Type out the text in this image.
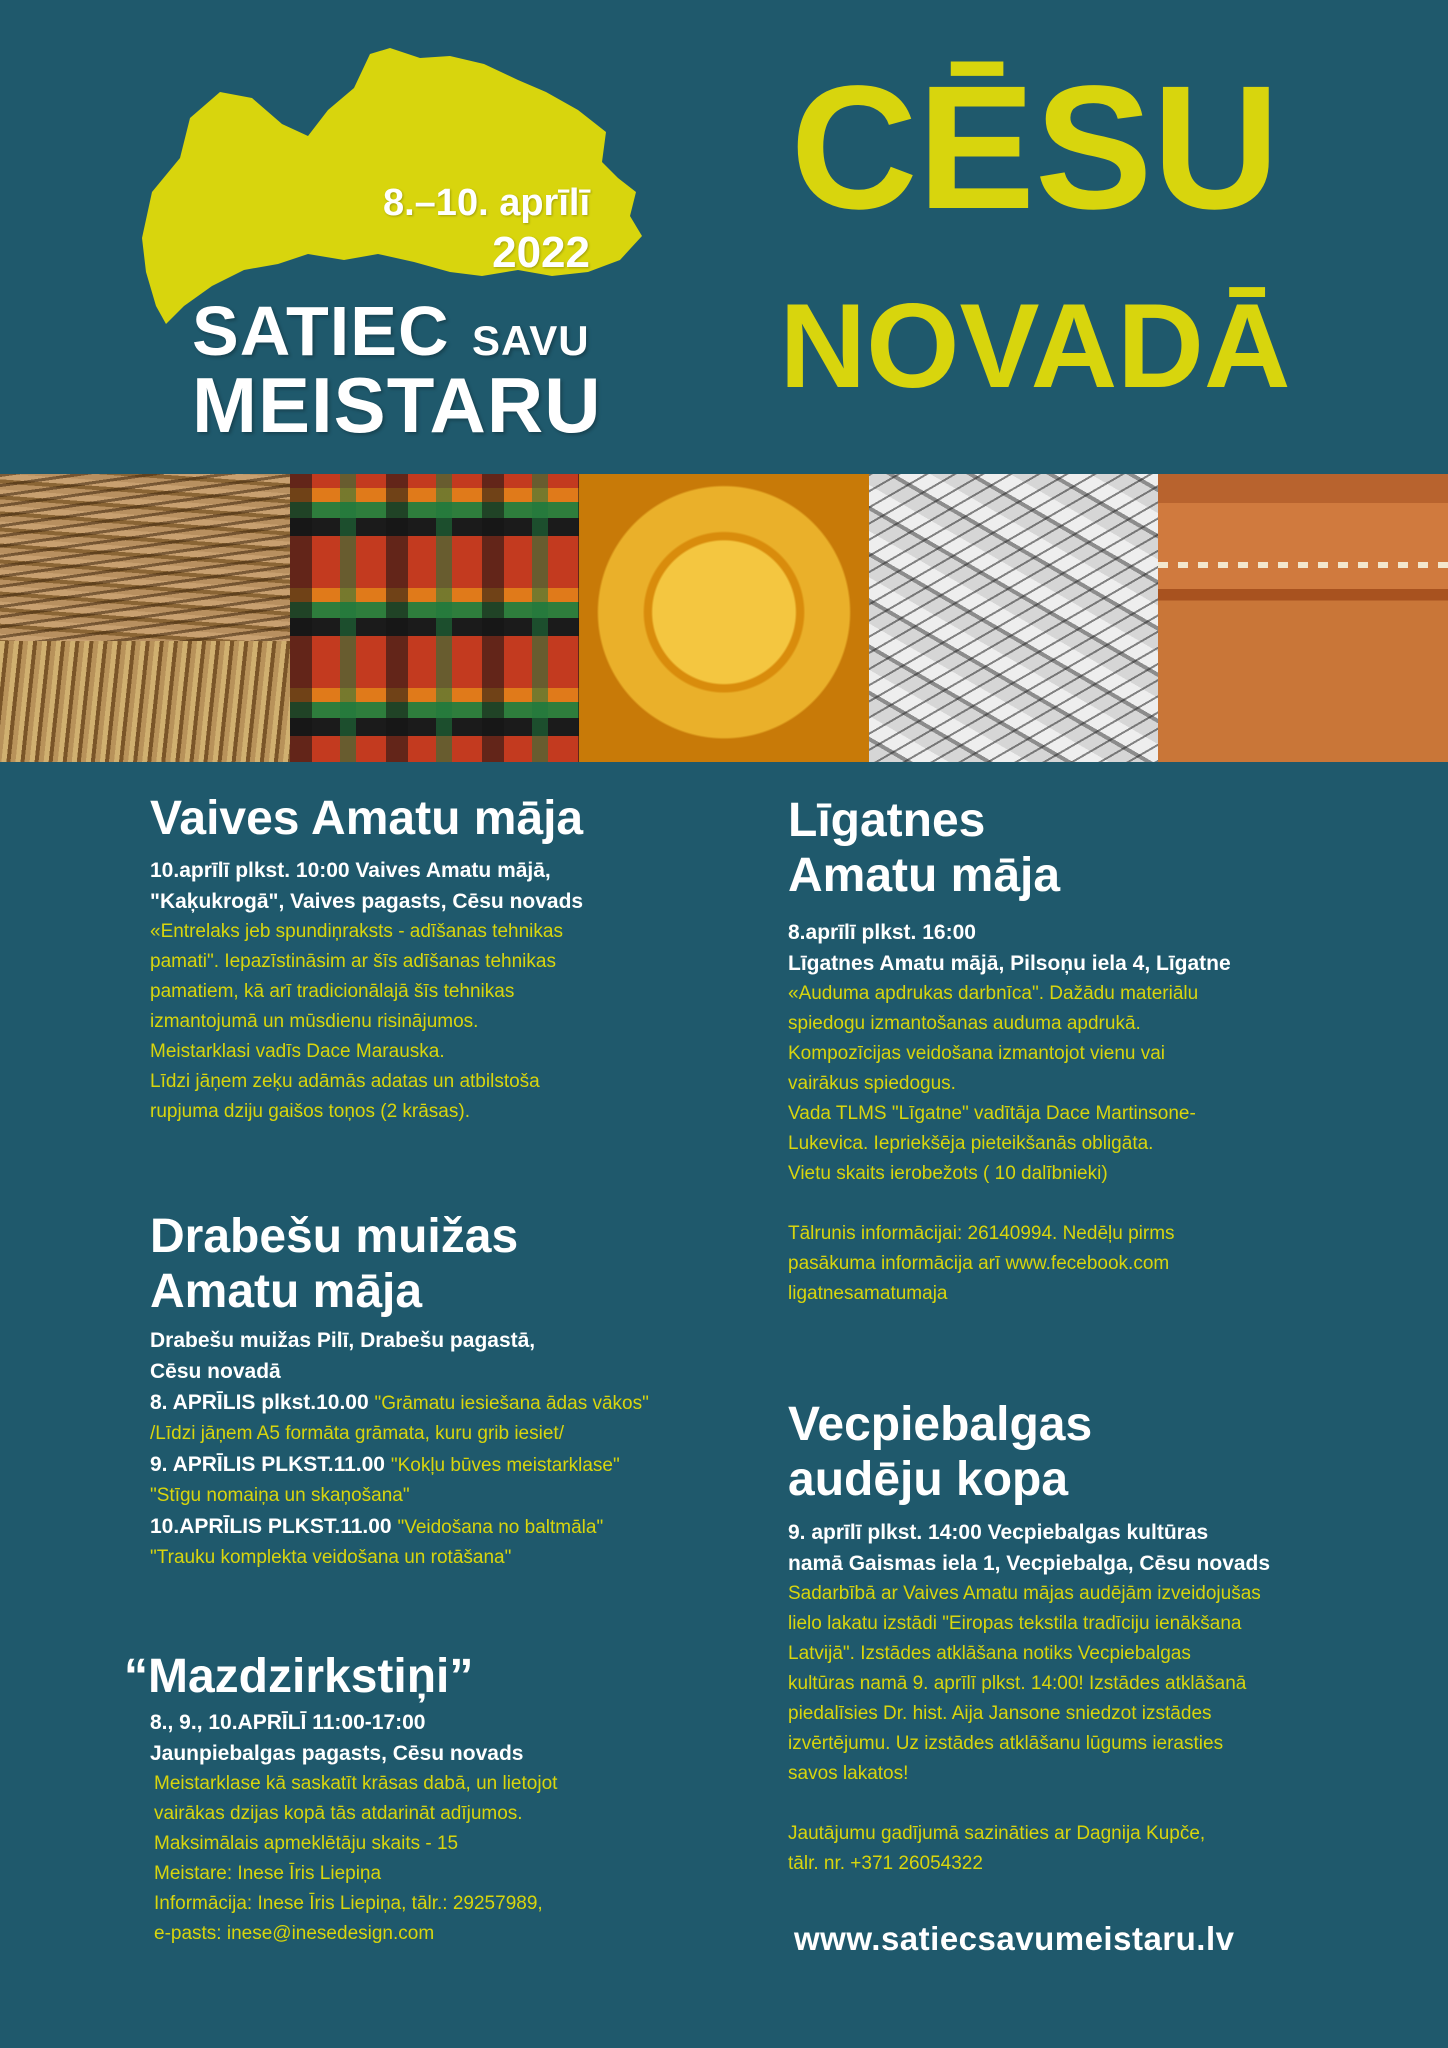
8.–10. aprīlī
2022
SATIEC SAVU
MEISTARU
CĒSU
NOVADĀ
Vaives Amatu māja
10.aprīlī plkst. 10:00 Vaives Amatu mājā,
"Kaķukrogā", Vaives pagasts, Cēsu novads
«Entrelaks jeb spundiņraksts - adīšanas tehnikas
pamati". Iepazīstināsim ar šīs adīšanas tehnikas
pamatiem, kā arī tradicionālajā šīs tehnikas
izmantojumā un mūsdienu risinājumos.
Meistarklasi vadīs Dace Marauska.
Līdzi jāņem zeķu adāmās adatas un atbilstoša
rupjuma dziju gaišos toņos (2 krāsas).
Drabešu muižas
Amatu māja
Drabešu muižas Pilī, Drabešu pagastā,
Cēsu novadā
8. APRĪLIS plkst.10.00 "Grāmatu iesiešana ādas vākos"
/Līdzi jāņem A5 formāta grāmata, kuru grib iesiet/
9. APRĪLIS PLKST.11.00 "Kokļu būves meistarklase"
"Stīgu nomaiņa un skaņošana"
10.APRĪLIS PLKST.11.00 "Veidošana no baltmāla"
"Trauku komplekta veidošana un rotāšana"
“Mazdzirkstiņi”
8., 9., 10.APRĪLĪ 11:00-17:00
Jaunpiebalgas pagasts, Cēsu novads
Meistarklase kā saskatīt krāsas dabā, un lietojot
vairākas dzijas kopā tās atdarināt adījumos.
Maksimālais apmeklētāju skaits - 15
Meistare: Inese Īris Liepiņa
Informācija: Inese Īris Liepiņa, tālr.: 29257989,
e-pasts: inese@inesedesign.com
Līgatnes
Amatu māja
8.aprīlī plkst. 16:00
Līgatnes Amatu mājā, Pilsoņu iela 4, Līgatne
«Auduma apdrukas darbnīca". Dažādu materiālu
spiedogu izmantošanas auduma apdrukā.
Kompozīcijas veidošana izmantojot vienu vai
vairākus spiedogus.
Vada TLMS "Līgatne" vadītāja Dace Martinsone-
Lukevica. Iepriekšēja pieteikšanās obligāta.
Vietu skaits ierobežots ( 10 dalībnieki)
Tālrunis informācijai: 26140994. Nedēļu pirms
pasākuma informācija arī www.fecebook.com
ligatnesamatumaja
Vecpiebalgas
audēju kopa
9. aprīlī plkst. 14:00 Vecpiebalgas kultūras
namā Gaismas iela 1, Vecpiebalga, Cēsu novads
Sadarbībā ar Vaives Amatu mājas audējām izveidojušas
lielo lakatu izstādi "Eiropas tekstila tradīciju ienākšana
Latvijā". Izstādes atklāšana notiks Vecpiebalgas
kultūras namā 9. aprīlī plkst. 14:00! Izstādes atklāšanā
piedalīsies Dr. hist. Aija Jansone sniedzot izstādes
izvērtējumu. Uz izstādes atklāšanu lūgums ierasties
savos lakatos!
Jautājumu gadījumā sazināties ar Dagnija Kupče,
tālr. nr. +371 26054322
www.satiecsavumeistaru.lv
